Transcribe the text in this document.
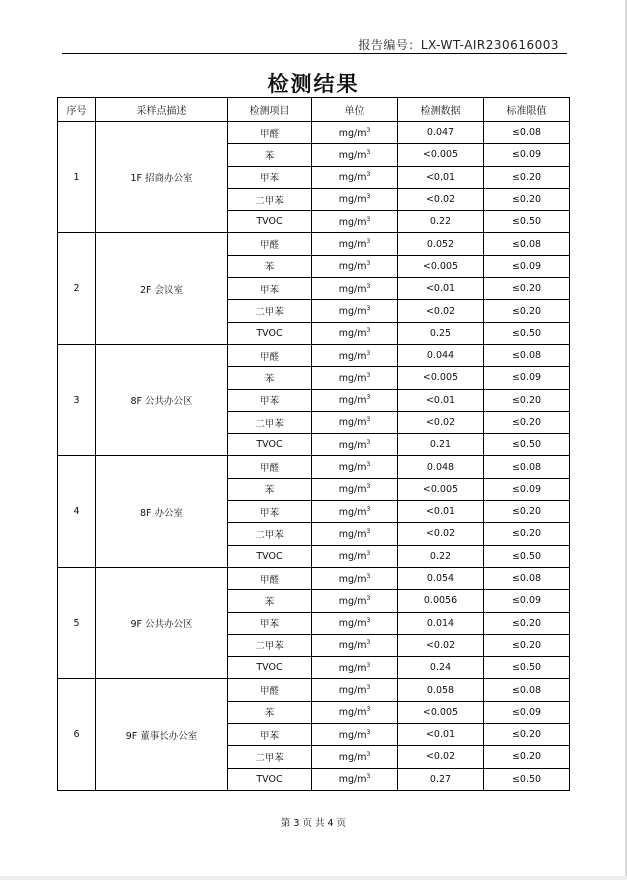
报告编号：LX-WT-AIR230616003
检测结果
序号	采样点描述	检测项目	单位	检测数据	标准限值
1	1F 招商办公室	甲醛	$mg/m^3$	0.047	≤0.08
		苯	$mg/m^3$	<0.005	≤0.09
		甲苯	$mg/m^3$	<0.01	≤0.20
		二甲苯	$mg/m^3$	<0.02	≤0.20
		TVOC	$mg/m^3$	0.22	≤0.50
2	2F 会议室	甲醛	$mg/m^3$	0.052	≤0.08
		苯	$mg/m^3$	<0.005	≤0.09
		甲苯	$mg/m^3$	<0.01	≤0.20
		二甲苯	$mg/m^3$	<0.02	≤0.20
		TVOC	$mg/m^3$	0.25	≤0.50
3	8F 公共办公区	甲醛	$mg/m^3$	0.044	≤0.08
		苯	$mg/m^3$	<0.005	≤0.09
		甲苯	$mg/m^3$	<0.01	≤0.20
		二甲苯	$mg/m^3$	<0.02	≤0.20
		TVOC	$mg/m^3$	0.21	≤0.50
4	8F 办公室	甲醛	$mg/m^3$	0.048	≤0.08
		苯	$mg/m^3$	<0.005	≤0.09
		甲苯	$mg/m^3$	<0.01	≤0.20
		二甲苯	$mg/m^3$	<0.02	≤0.20
		TVOC	$mg/m^3$	0.22	≤0.50
5	9F 公共办公区	甲醛	$mg/m^3$	0.054	≤0.08
		苯	$mg/m^3$	0.0056	≤0.09
		甲苯	$mg/m^3$	0.014	≤0.20
		二甲苯	$mg/m^3$	<0.02	≤0.20
		TVOC	$mg/m^3$	0.24	≤0.50
6	9F 董事长办公室	甲醛	$mg/m^3$	0.058	≤0.08
		苯	$mg/m^3$	<0.005	≤0.09
		甲苯	$mg/m^3$	<0.01	≤0.20
		二甲苯	$mg/m^3$	<0.02	≤0.20
		TVOC	$mg/m^3$	0.27	≤0.50
第 3 页 共 4 页
